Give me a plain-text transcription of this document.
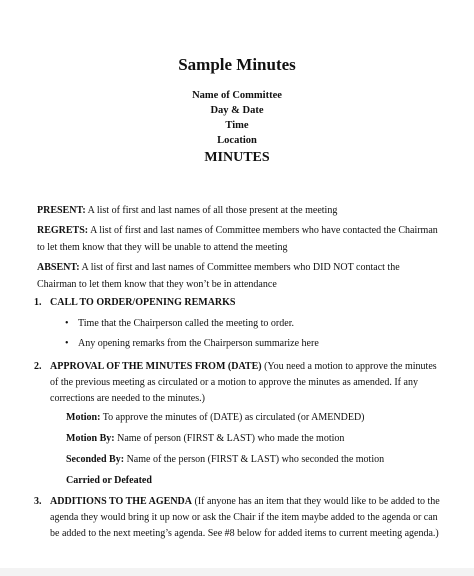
Sample Minutes
Name of Committee
Day & Date
Time
Location
MINUTES
PRESENT: A list of first and last names of all those present at the meeting
REGRETS: A list of first and last names of Committee members who have contacted the Chairman to let them know that they will be unable to attend the meeting
ABSENT: A list of first and last names of Committee members who DID NOT contact the Chairman to let them know that they won’t be in attendance
1. CALL TO ORDER/OPENING REMARKS
• Time that the Chairperson called the meeting to order.
• Any opening remarks from the Chairperson summarize here
2. APPROVAL OF THE MINUTES FROM (DATE) (You need a motion to approve the minutes of the previous meeting as circulated or a motion to approve the minutes as amended. If any corrections are needed to the minutes.)
Motion: To approve the minutes of (DATE) as circulated (or AMENDED)
Motion By: Name of person (FIRST & LAST) who made the motion
Seconded By: Name of the person (FIRST & LAST) who seconded the motion
Carried or Defeated
3. ADDITIONS TO THE AGENDA (If anyone has an item that they would like to be added to the agenda they would bring it up now or ask the Chair if the item maybe added to the agenda or can be added to the next meeting’s agenda. See #8 below for added items to current meeting agenda.)
